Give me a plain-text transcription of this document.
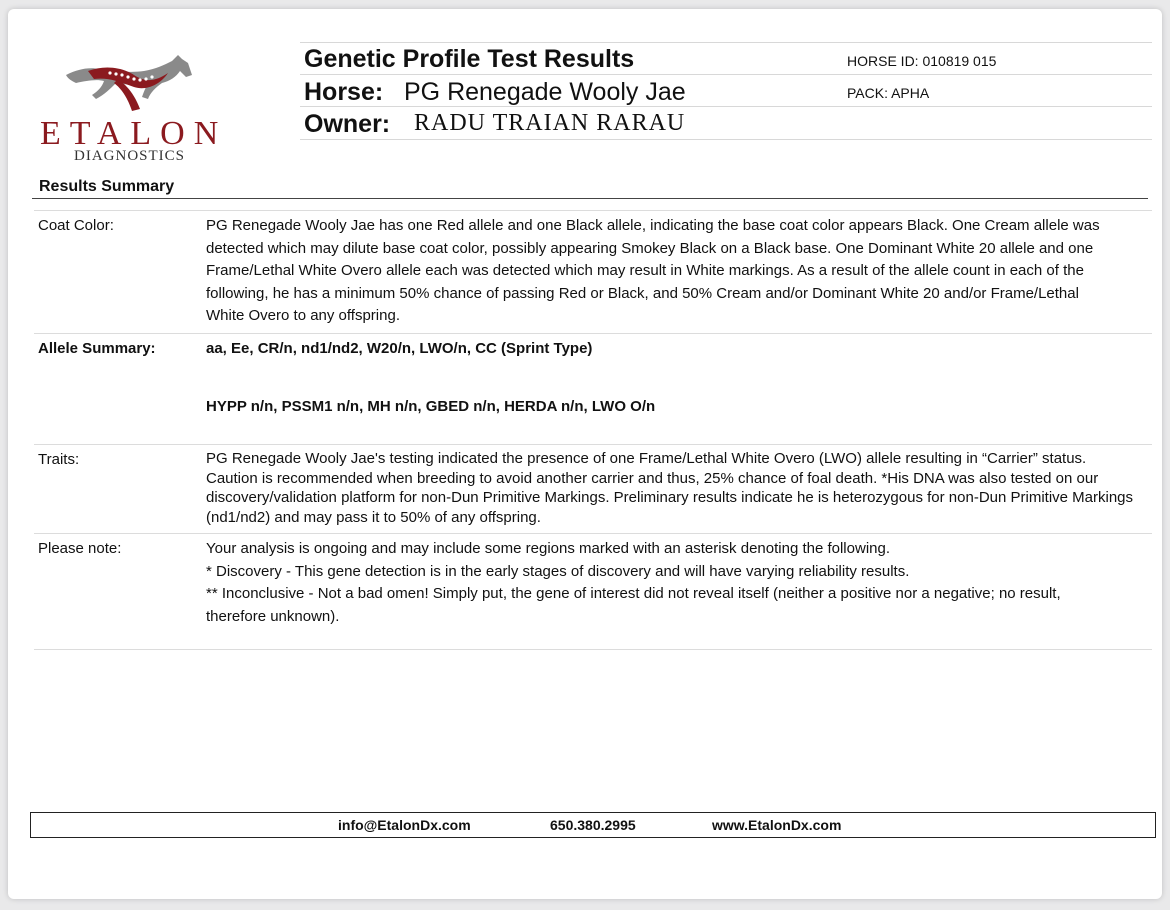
ETALON
DIAGNOSTICS
Genetic Profile Test Results	HORSE ID: 010819 015
Horse: PG Renegade Wooly Jae	PACK: APHA
Owner: RADU TRAIAN RARAU
Results Summary
Coat Color:	PG Renegade Wooly Jae has one Red allele and one Black allele, indicating the base coat color appears Black. One Cream allele was detected which may dilute base coat color, possibly appearing Smokey Black on a Black base. One Dominant White 20 allele and one Frame/Lethal White Overo allele each was detected which may result in White markings. As a result of the allele count in each of the following, he has a minimum 50% chance of passing Red or Black, and 50% Cream and/or Dominant White 20 and/or Frame/Lethal White Overo to any offspring.
Allele Summary:	aa, Ee, CR/n, nd1/nd2, W20/n, LWO/n, CC (Sprint Type)
HYPP n/n, PSSM1 n/n, MH n/n, GBED n/n, HERDA n/n, LWO O/n
Traits:	PG Renegade Wooly Jae's testing indicated the presence of one Frame/Lethal White Overo (LWO) allele resulting in “Carrier” status. Caution is recommended when breeding to avoid another carrier and thus, 25% chance of foal death. *His DNA was also tested on our discovery/validation platform for non-Dun Primitive Markings. Preliminary results indicate he is heterozygous for non-Dun Primitive Markings (nd1/nd2) and may pass it to 50% of any offspring.
Please note:	Your analysis is ongoing and may include some regions marked with an asterisk denoting the following.
* Discovery - This gene detection is in the early stages of discovery and will have varying reliability results.
** Inconclusive - Not a bad omen! Simply put, the gene of interest did not reveal itself (neither a positive nor a negative; no result, therefore unknown).
info@EtalonDx.com	650.380.2995	www.EtalonDx.com
